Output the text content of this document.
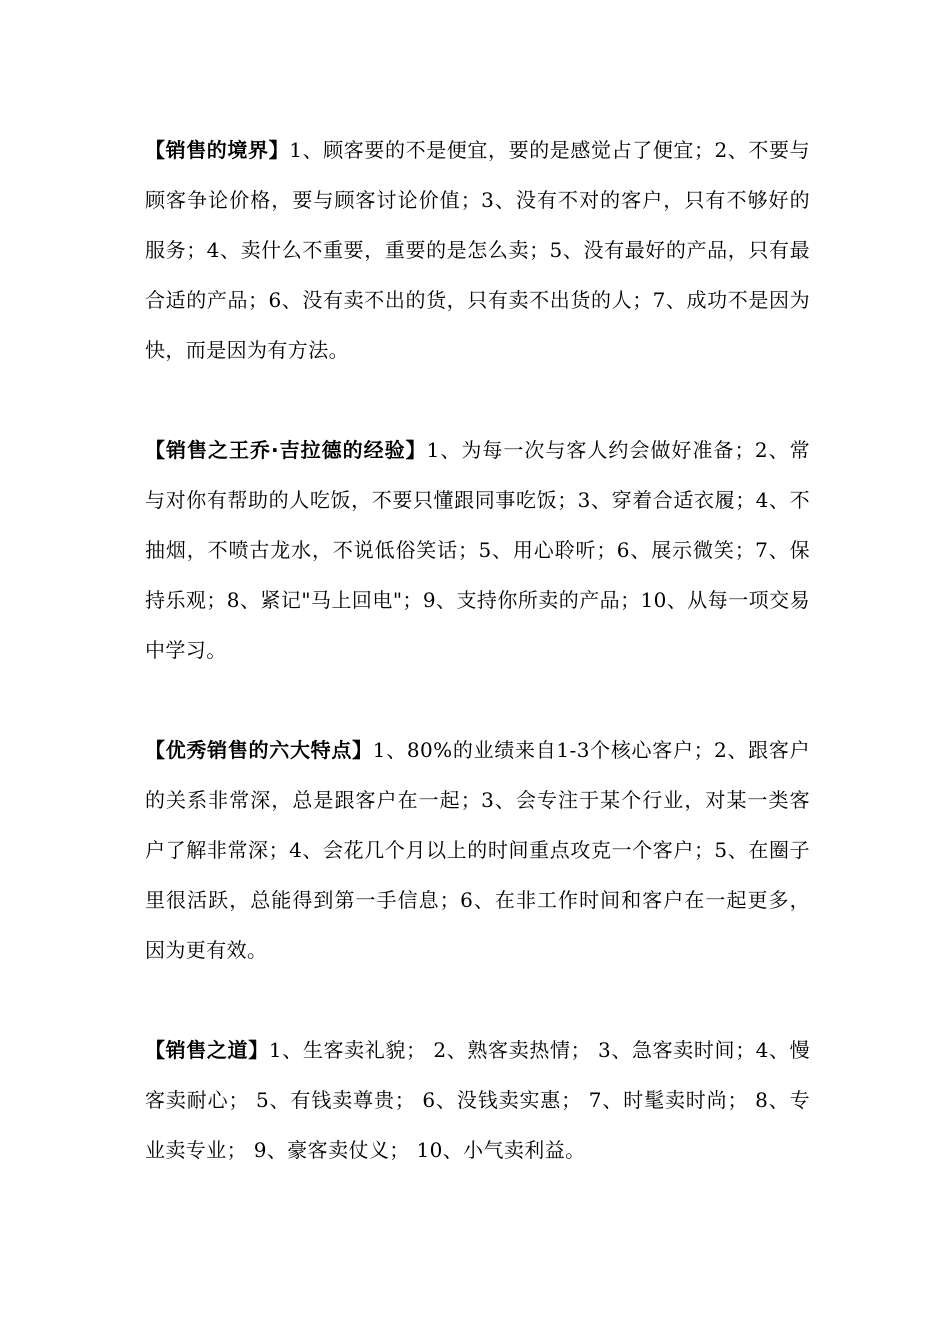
【销售的境界】1、顾客要的不是便宜，要的是感觉占了便宜；2、不要与顾客争论价格，要与顾客讨论价值；3、没有不对的客户，只有不够好的服务；4、卖什么不重要，重要的是怎么卖；5、没有最好的产品，只有最合适的产品；6、没有卖不出的货，只有卖不出货的人；7、成功不是因为快，而是因为有方法。

【销售之王乔·吉拉德的经验】1、为每一次与客人约会做好准备；2、常与对你有帮助的人吃饭，不要只懂跟同事吃饭；3、穿着合适衣履；4、不抽烟，不喷古龙水，不说低俗笑话；5、用心聆听；6、展示微笑；7、保持乐观；8、紧记"马上回电"；9、支持你所卖的产品；10、从每一项交易中学习。

【优秀销售的六大特点】1、80%的业绩来自1-3个核心客户；2、跟客户的关系非常深，总是跟客户在一起；3、会专注于某个行业，对某一类客户了解非常深；4、会花几个月以上的时间重点攻克一个客户；5、在圈子里很活跃，总能得到第一手信息；6、在非工作时间和客户在一起更多，因为更有效。

【销售之道】1、生客卖礼貌； 2、熟客卖热情； 3、急客卖时间；4、慢客卖耐心； 5、有钱卖尊贵； 6、没钱卖实惠； 7、时髦卖时尚； 8、专业卖专业； 9、豪客卖仗义； 10、小气卖利益。
